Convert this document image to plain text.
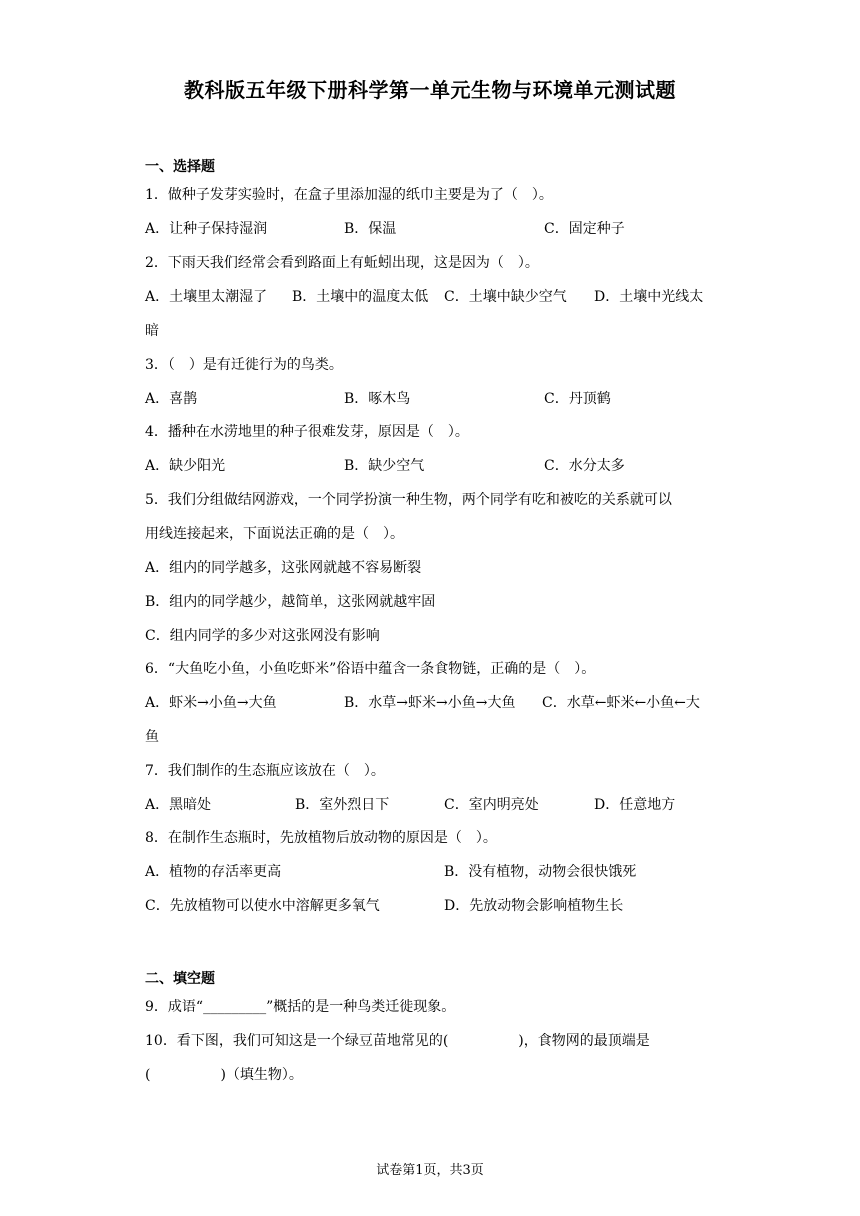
教科版五年级下册科学第一单元生物与环境单元测试题
一、选择题
1．做种子发芽实验时，在盒子里添加湿的纸巾主要是为了（　）。
A．让种子保持湿润	B．保温	C．固定种子
2．下雨天我们经常会看到路面上有蚯蚓出现，这是因为（　）。
A．土壤里太潮湿了 B．土壤中的温度太低 C．土壤中缺少空气 D．土壤中光线太
暗
3．（　）是有迁徙行为的鸟类。
A．喜鹊	B．啄木鸟	C．丹顶鹤
4．播种在水涝地里的种子很难发芽，原因是（　）。
A．缺少阳光	B．缺少空气	C．水分太多
5．我们分组做结网游戏，一个同学扮演一种生物，两个同学有吃和被吃的关系就可以
用线连接起来，下面说法正确的是（　）。
A．组内的同学越多，这张网就越不容易断裂
B．组内的同学越少，越简单，这张网就越牢固
C．组内同学的多少对这张网没有影响
6．“大鱼吃小鱼，小鱼吃虾米”俗语中蕴含一条食物链，正确的是（　）。
A．虾米→小鱼→大鱼	B．水草→虾米→小鱼→大鱼 C．水草←虾米←小鱼←大
鱼
7．我们制作的生态瓶应该放在（　）。
A．黑暗处	B．室外烈日下	C．室内明亮处	D．任意地方
8．在制作生态瓶时，先放植物后放动物的原因是（　）。
A．植物的存活率更高	B．没有植物，动物会很快饿死
C．先放植物可以使水中溶解更多氧气	D．先放动物会影响植物生长
二、填空题
9．成语“_________”概括的是一种鸟类迁徙现象。
10．看下图，我们可知这是一个绿豆苗地常见的(　　　　　)，食物网的最顶端是
(　　　　　)（填生物）。
试卷第1页，共3页
